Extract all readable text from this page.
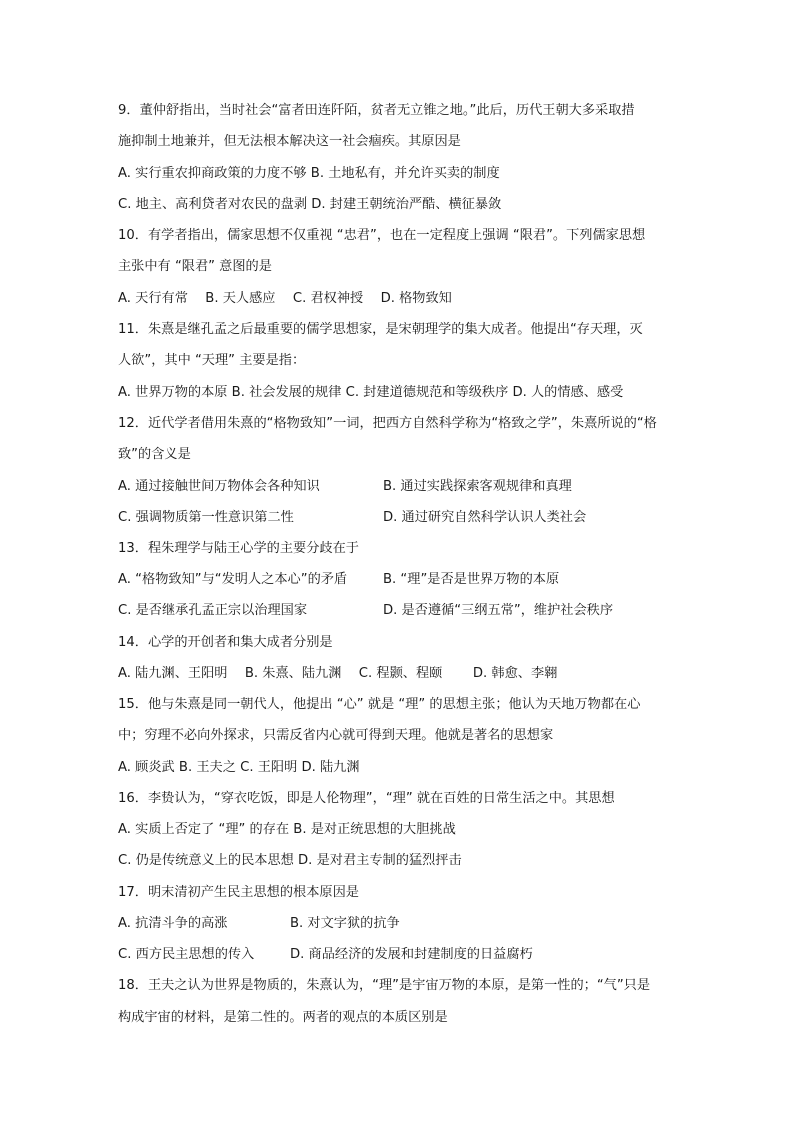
9．董仲舒指出，当时社会“富者田连阡陌，贫者无立锥之地。”此后，历代王朝大多采取措
施抑制土地兼并，但无法根本解决这一社会痼疾。其原因是
A. 实行重农抑商政策的力度不够 B. 土地私有，并允许买卖的制度
C. 地主、高利贷者对农民的盘剥 D. 封建王朝统治严酷、横征暴敛
10．有学者指出，儒家思想不仅重视 “忠君”，也在一定程度上强调 “限君”。下列儒家思想
主张中有 “限君” 意图的是
A. 天行有常　 B. 天人感应　 C. 君权神授　 D. 格物致知
11．朱熹是继孔孟之后最重要的儒学思想家，是宋朝理学的集大成者。他提出“存天理，灭
人欲”，其中 “天理” 主要是指：
A. 世界万物的本原 B. 社会发展的规律 C. 封建道德规范和等级秩序 D. 人的情感、感受
12．近代学者借用朱熹的“格物致知”一词，把西方自然科学称为“格致之学”，朱熹所说的“格
致”的含义是
A. 通过接触世间万物体会各种知识	B. 通过实践探索客观规律和真理
C. 强调物质第一性意识第二性	D. 通过研究自然科学认识人类社会
13．程朱理学与陆王心学的主要分歧在于
A. “格物致知”与“发明人之本心”的矛盾	B. “理”是否是世界万物的本原
C. 是否继承孔孟正宗以治理国家	D. 是否遵循“三纲五常”，维护社会秩序
14．心学的开创者和集大成者分别是
A. 陆九渊、王阳明　 B. 朱熹、陆九渊　 C. 程颢、程颐　　 D. 韩愈、李翱
15．他与朱熹是同一朝代人，他提出 “心” 就是 “理” 的思想主张；他认为天地万物都在心
中；穷理不必向外探求，只需反省内心就可得到天理。他就是著名的思想家
A. 顾炎武 B. 王夫之 C. 王阳明 D. 陆九渊
16．李贽认为，“穿衣吃饭，即是人伦物理”，“理” 就在百姓的日常生活之中。其思想
A. 实质上否定了 “理” 的存在 B. 是对正统思想的大胆挑战
C. 仍是传统意义上的民本思想 D. 是对君主专制的猛烈抨击
17．明末清初产生民主思想的根本原因是
A. 抗清斗争的高涨	B. 对文字狱的抗争
C. 西方民主思想的传入	D. 商品经济的发展和封建制度的日益腐朽
18．王夫之认为世界是物质的，朱熹认为，“理”是宇宙万物的本原，是第一性的；“气”只是
构成宇宙的材料，是第二性的。两者的观点的本质区别是
